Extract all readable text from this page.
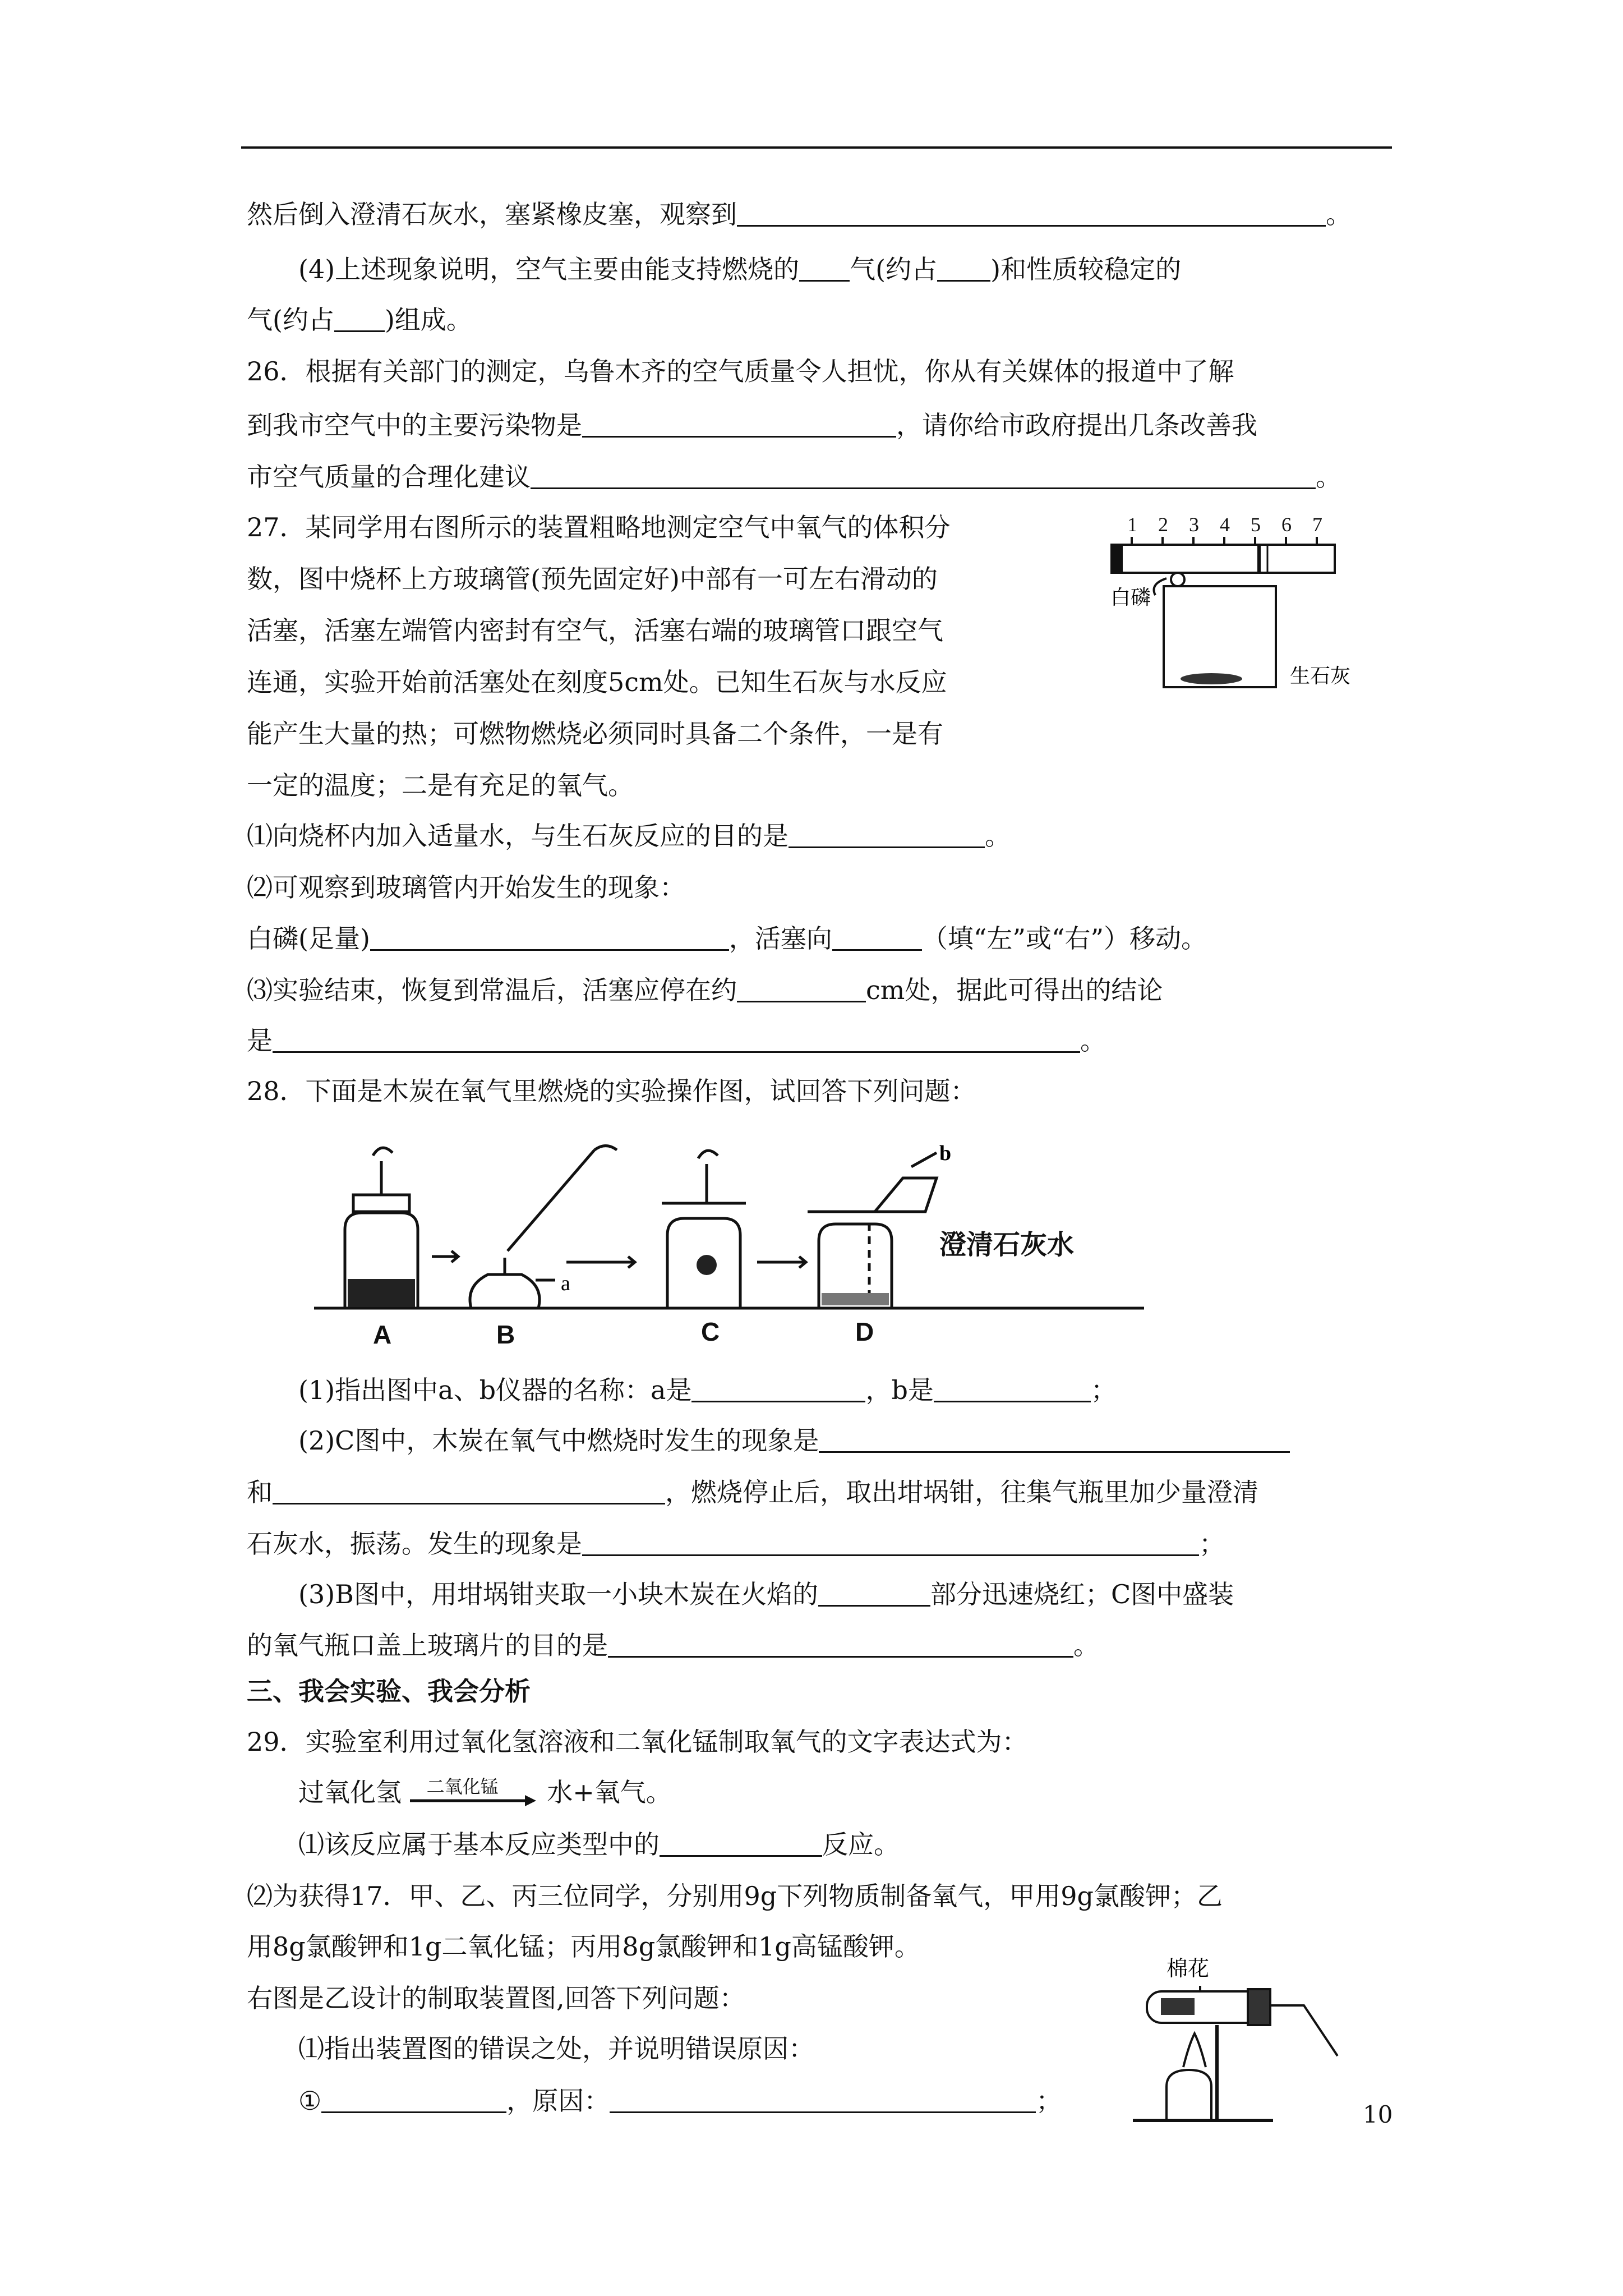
然后倒入澄清石灰水，塞紧橡皮塞，观察到	。
(4)上述现象说明，空气主要由能支持燃烧的 气(约占 )和性质较稳定的
气(约占 )组成。
26．根据有关部门的测定，乌鲁木齐的空气质量令人担忧，你从有关媒体的报道中了解
到我市空气中的主要污染物是	，请你给市政府提出几条改善我
市空气质量的合理化建议	。
27．某同学用右图所示的装置粗略地测定空气中氧气的体积分
数，图中烧杯上方玻璃管(预先固定好)中部有一可左右滑动的
活塞，活塞左端管内密封有空气，活塞右端的玻璃管口跟空气
连通，实验开始前活塞处在刻度5cm处。已知生石灰与水反应
能产生大量的热；可燃物燃烧必须同时具备二个条件，一是有
一定的温度；二是有充足的氧气。
1 2 3 4 5 6 7
白磷
生石灰
⑴向烧杯内加入适量水，与生石灰反应的目的是	。
⑵可观察到玻璃管内开始发生的现象：
白磷(足量)	，活塞向	（填“左”或“右”）移动。
⑶实验结束，恢复到常温后，活塞应停在约	cm处，据此可得出的结论
是	。
28．下面是木炭在氧气里燃烧的实验操作图，试回答下列问题：
A	B	C	D
澄清石灰水
a
b
(1)指出图中a、b仪器的名称：a是	，b是	；
(2)C图中，木炭在氧气中燃烧时发生的现象是
和	，燃烧停止后，取出坩埚钳，往集气瓶里加少量澄清
石灰水，振荡。发生的现象是	；
(3)B图中，用坩埚钳夹取一小块木炭在火焰的	部分迅速烧红；C图中盛装
的氧气瓶口盖上玻璃片的目的是	。
三、我会实验、我会分析
29．实验室利用过氧化氢溶液和二氧化锰制取氧气的文字表达式为：
过氧化氢 二氧化锰 水+氧气。
⑴该反应属于基本反应类型中的	反应。
⑵为获得17．甲、乙、丙三位同学，分别用9g下列物质制备氧气，甲用9g氯酸钾；乙
用8g氯酸钾和1g二氧化锰；丙用8g氯酸钾和1g高锰酸钾。
右图是乙设计的制取装置图,回答下列问题：
⑴指出装置图的错误之处，并说明错误原因：
①	，原因：	；
棉花
10
